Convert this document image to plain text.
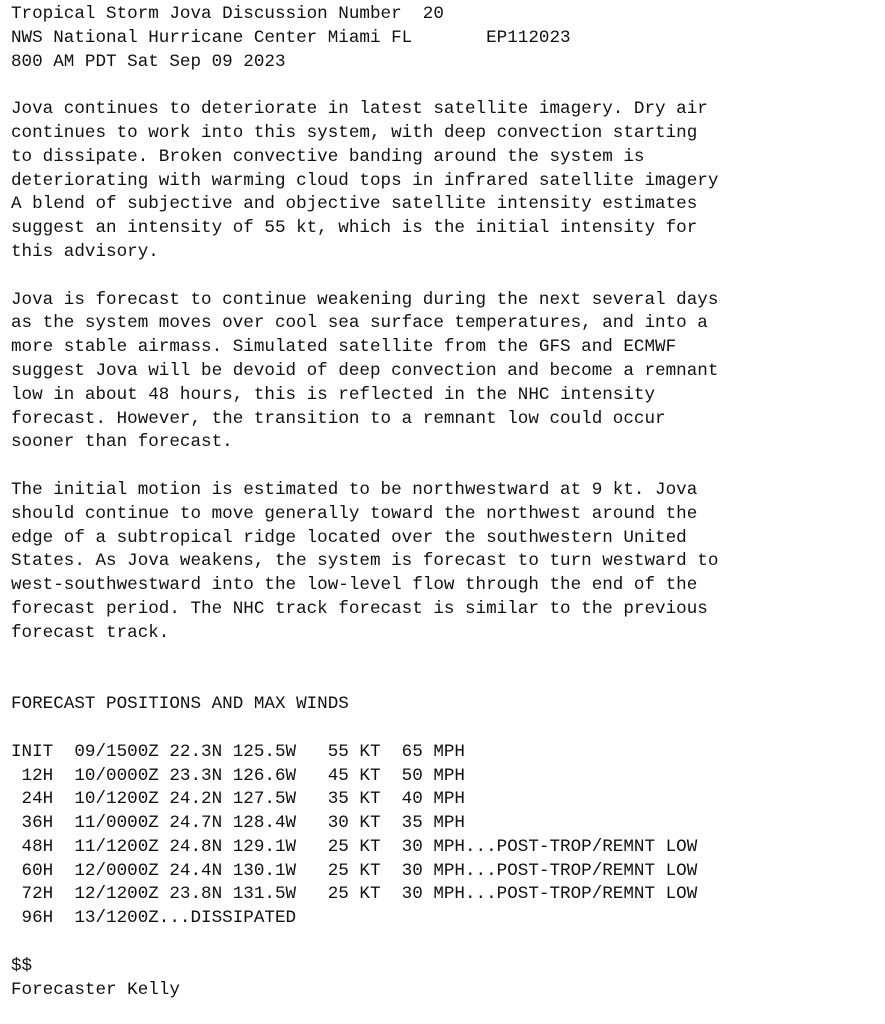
Tropical Storm Jova Discussion Number  20
NWS National Hurricane Center Miami FL       EP112023
800 AM PDT Sat Sep 09 2023
Jova continues to deteriorate in latest satellite imagery. Dry air
continues to work into this system, with deep convection starting
to dissipate. Broken convective banding around the system is
deteriorating with warming cloud tops in infrared satellite imagery
A blend of subjective and objective satellite intensity estimates
suggest an intensity of 55 kt, which is the initial intensity for
this advisory.
Jova is forecast to continue weakening during the next several days
as the system moves over cool sea surface temperatures, and into a
more stable airmass. Simulated satellite from the GFS and ECMWF
suggest Jova will be devoid of deep convection and become a remnant
low in about 48 hours, this is reflected in the NHC intensity
forecast. However, the transition to a remnant low could occur
sooner than forecast.
The initial motion is estimated to be northwestward at 9 kt. Jova
should continue to move generally toward the northwest around the
edge of a subtropical ridge located over the southwestern United
States. As Jova weakens, the system is forecast to turn westward to
west-southwestward into the low-level flow through the end of the
forecast period. The NHC track forecast is similar to the previous
forecast track.
FORECAST POSITIONS AND MAX WINDS
INIT  09/1500Z 22.3N 125.5W   55 KT  65 MPH
12H  10/0000Z 23.3N 126.6W   45 KT  50 MPH
24H  10/1200Z 24.2N 127.5W   35 KT  40 MPH
36H  11/0000Z 24.7N 128.4W   30 KT  35 MPH
48H  11/1200Z 24.8N 129.1W   25 KT  30 MPH...POST-TROP/REMNT LOW
60H  12/0000Z 24.4N 130.1W   25 KT  30 MPH...POST-TROP/REMNT LOW
72H  12/1200Z 23.8N 131.5W   25 KT  30 MPH...POST-TROP/REMNT LOW
96H  13/1200Z...DISSIPATED
$$
Forecaster Kelly
